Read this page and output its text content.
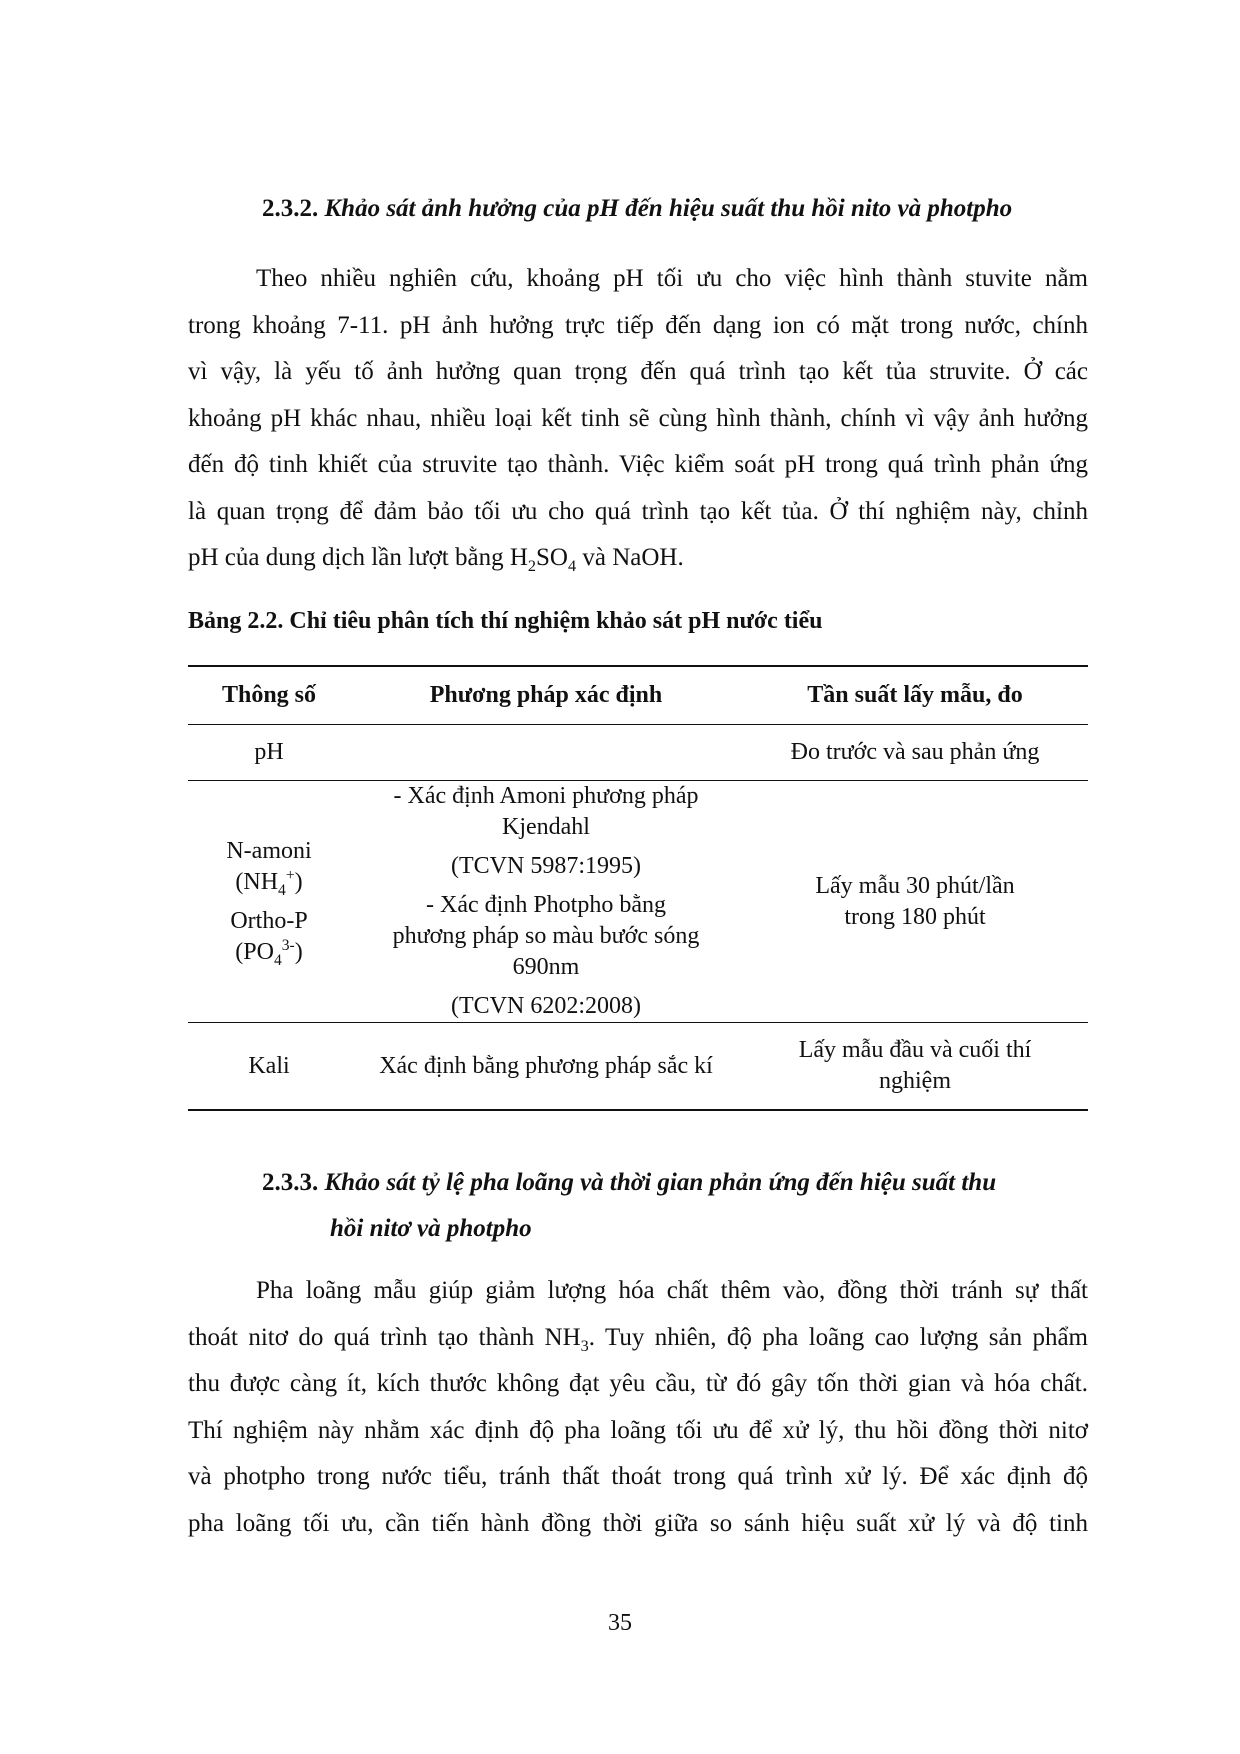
2.3.2. Khảo sát ảnh hưởng của pH đến hiệu suất thu hồi nito và photpho
Theo nhiều nghiên cứu, khoảng pH tối ưu cho việc hình thành stuvite nằm
trong khoảng 7-11. pH ảnh hưởng trực tiếp đến dạng ion có mặt trong nước, chính
vì vậy, là yếu tố ảnh hưởng quan trọng đến quá trình tạo kết tủa struvite. Ở các
khoảng pH khác nhau, nhiều loại kết tinh sẽ cùng hình thành, chính vì vậy ảnh hưởng
đến độ tinh khiết của struvite tạo thành. Việc kiểm soát pH trong quá trình phản ứng
là quan trọng để đảm bảo tối ưu cho quá trình tạo kết tủa. Ở thí nghiệm này, chỉnh
pH của dung dịch lần lượt bằng $H_2SO_4$ và NaOH.
Bảng 2.2. Chỉ tiêu phân tích thí nghiệm khảo sát pH nước tiểu
Thông số	Phương pháp xác định	Tần suất lấy mẫu, đo
pH		Đo trước và sau phản ứng

N-amoni
$(NH_4^+)$
Ortho-P
$(PO_4^{3-})$	- Xác định Amoni phương pháp Kjendahl
(TCVN 5987:1995)
- Xác định Photpho bằng phương pháp so màu bước sóng 690nm
(TCVN 6202:2008)	Lấy mẫu 30 phút/lần trong 180 phút

Kali	Xác định bằng phương pháp sắc kí	Lấy mẫu đầu và cuối thí nghiệm
2.3.3. Khảo sát tỷ lệ pha loãng và thời gian phản ứng đến hiệu suất thu
hồi nitơ và photpho
Pha loãng mẫu giúp giảm lượng hóa chất thêm vào, đồng thời tránh sự thất
thoát nitơ do quá trình tạo thành $NH_3$. Tuy nhiên, độ pha loãng cao lượng sản phẩm
thu được càng ít, kích thước không đạt yêu cầu, từ đó gây tốn thời gian và hóa chất.
Thí nghiệm này nhằm xác định độ pha loãng tối ưu để xử lý, thu hồi đồng thời nitơ
và photpho trong nước tiểu, tránh thất thoát trong quá trình xử lý. Để xác định độ
pha loãng tối ưu, cần tiến hành đồng thời giữa so sánh hiệu suất xử lý và độ tinh
35
